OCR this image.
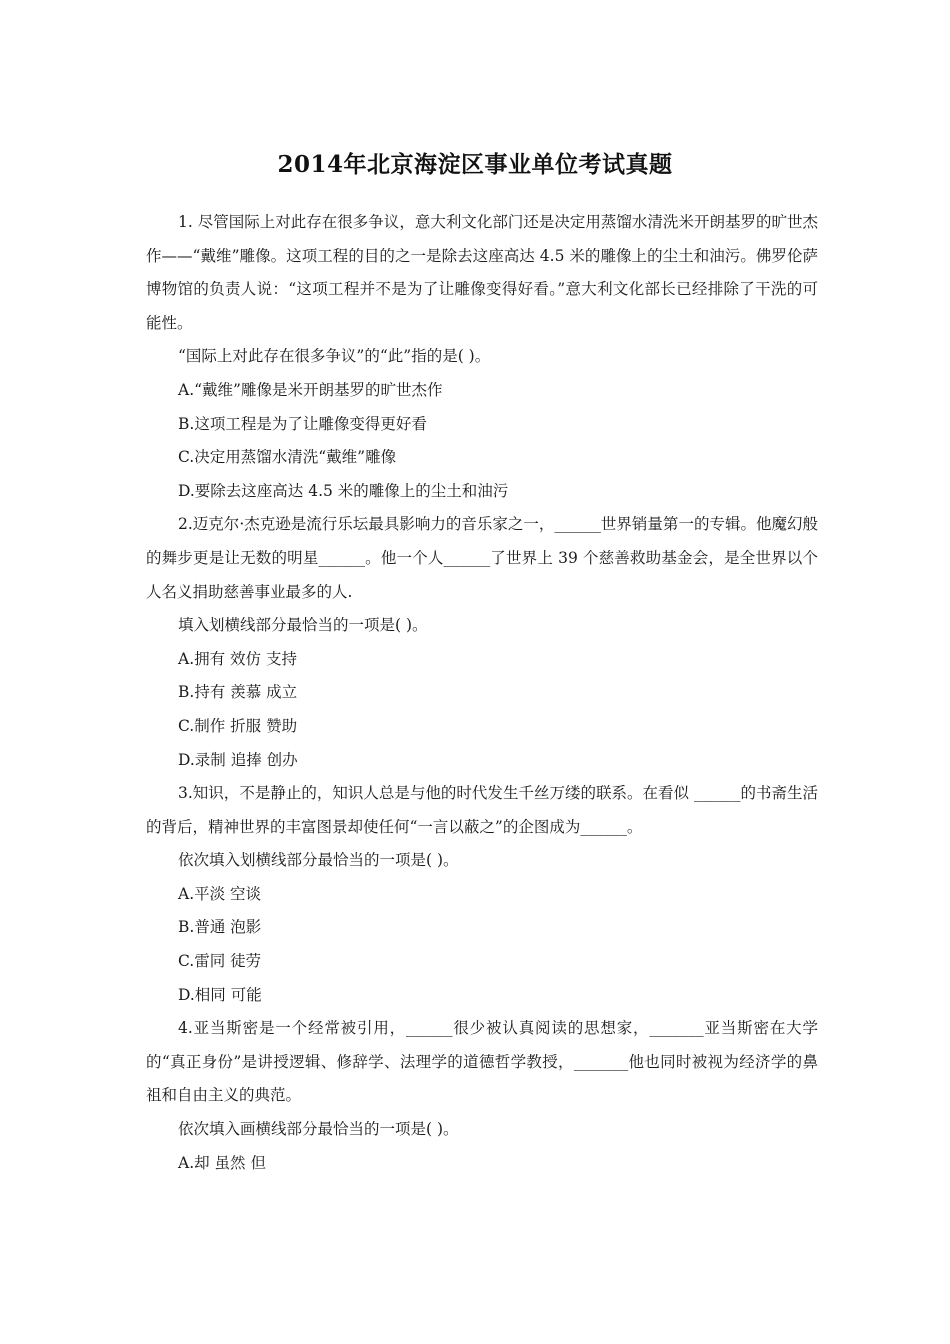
2014年北京海淀区事业单位考试真题

1. 尽管国际上对此存在很多争议，意大利文化部门还是决定用蒸馏水清洗米开朗基罗的旷世杰作——“戴维”雕像。这项工程的目的之一是除去这座高达 4.5 米的雕像上的尘土和油污。佛罗伦萨博物馆的负责人说：“这项工程并不是为了让雕像变得好看。”意大利文化部长已经排除了干洗的可能性。

“国际上对此存在很多争议”的“此”指的是( )。

A.“戴维”雕像是米开朗基罗的旷世杰作

B.这项工程是为了让雕像变得更好看

C.决定用蒸馏水清洗“戴维”雕像

D.要除去这座高达 4.5 米的雕像上的尘土和油污

2.迈克尔·杰克逊是流行乐坛最具影响力的音乐家之一，______世界销量第一的专辑。他魔幻般的舞步更是让无数的明星______。他一个人______了世界上 39 个慈善救助基金会，是全世界以个人名义捐助慈善事业最多的人.

填入划横线部分最恰当的一项是( )。

A.拥有 效仿 支持

B.持有 羡慕 成立

C.制作 折服 赞助

D.录制 追捧 创办

3.知识，不是静止的，知识人总是与他的时代发生千丝万缕的联系。在看似 ______的书斋生活的背后，精神世界的丰富图景却使任何“一言以蔽之”的企图成为______。

依次填入划横线部分最恰当的一项是( )。

A.平淡 空谈

B.普通 泡影

C.雷同 徒劳

D.相同 可能

4.亚当斯密是一个经常被引用，______很少被认真阅读的思想家，_______亚当斯密在大学的“真正身份”是讲授逻辑、修辞学、法理学的道德哲学教授，_______他也同时被视为经济学的鼻祖和自由主义的典范。

依次填入画横线部分最恰当的一项是( )。

A.却 虽然 但
